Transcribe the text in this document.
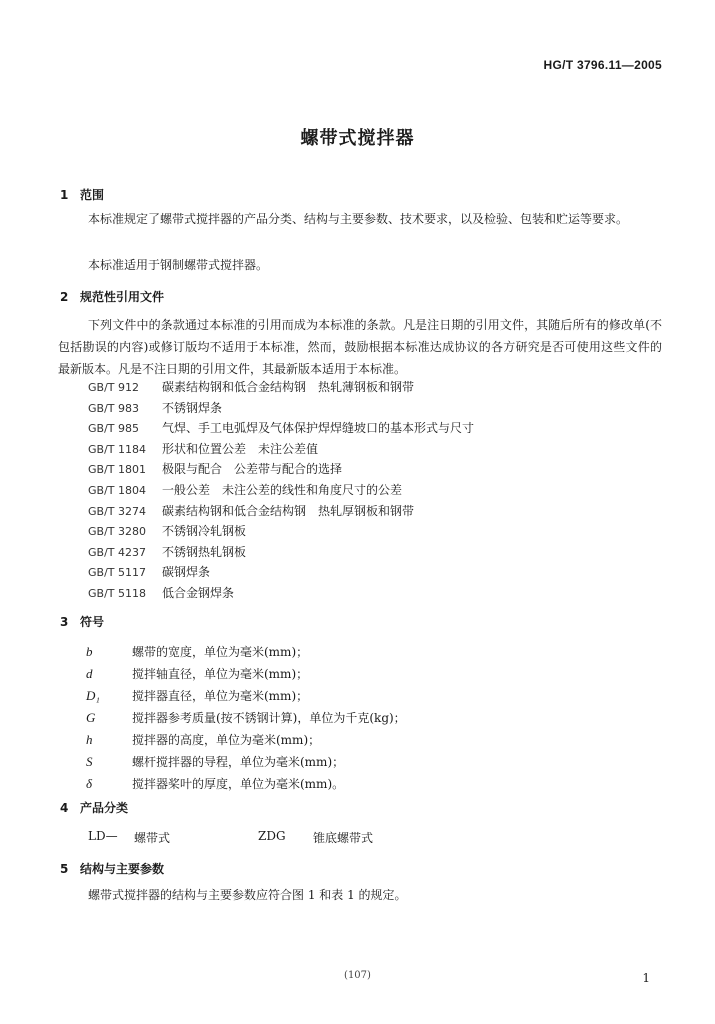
HG/T 3796.11—2005
螺带式搅拌器
1 范围
本标准规定了螺带式搅拌器的产品分类、结构与主要参数、技术要求，以及检验、包装和贮运等要求。
本标准适用于钢制螺带式搅拌器。
2 规范性引用文件
下列文件中的条款通过本标准的引用而成为本标准的条款。凡是注日期的引用文件，其随后所有的修改单(不包括勘误的内容)或修订版均不适用于本标准，然而，鼓励根据本标准达成协议的各方研究是否可使用这些文件的最新版本。凡是不注日期的引用文件，其最新版本适用于本标准。
GB/T 912 碳素结构钢和低合金结构钢　热轧薄钢板和钢带
GB/T 983 不锈钢焊条
GB/T 985 气焊、手工电弧焊及气体保护焊焊缝坡口的基本形式与尺寸
GB/T 1184 形状和位置公差　未注公差值
GB/T 1801 极限与配合　公差带与配合的选择
GB/T 1804 一般公差　未注公差的线性和角度尺寸的公差
GB/T 3274 碳素结构钢和低合金结构钢　热轧厚钢板和钢带
GB/T 3280 不锈钢冷轧钢板
GB/T 4237 不锈钢热轧钢板
GB/T 5117 碳钢焊条
GB/T 5118 低合金钢焊条
3 符号
b	螺带的宽度，单位为毫米(mm)；
d	搅拌轴直径，单位为毫米(mm)；
D₁	搅拌器直径，单位为毫米(mm)；
G	搅拌器参考质量(按不锈钢计算)，单位为千克(kg)；
h	搅拌器的高度，单位为毫米(mm)；
S	螺杆搅拌器的导程，单位为毫米(mm)；
δ	搅拌器桨叶的厚度，单位为毫米(mm)。
4 产品分类
LD— 螺带式	ZDG 锥底螺带式
5 结构与主要参数
螺带式搅拌器的结构与主要参数应符合图 1 和表 1 的规定。
(107)	1
